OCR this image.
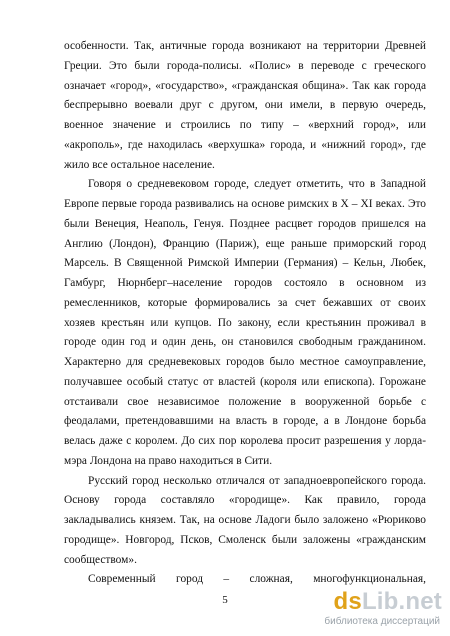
особенности. Так, античные города возникают на территории Древней Греции. Это были города-полисы. «Полис» в переводе с греческого означает «город», «государство», «гражданская община». Так как города беспрерывно воевали друг с другом, они имели, в первую очередь, военное значение и строились по типу – «верхний город», или «акрополь», где находилась «верхушка» города, и «нижний город», где жило все остальное население.

Говоря о средневековом городе, следует отметить, что в Западной Европе первые города развивались на основе римских в X – XI веках. Это были Венеция, Неаполь, Генуя. Позднее расцвет городов пришелся на Англию (Лондон), Францию (Париж), еще раньше приморский город Марсель. В Священной Римской Империи (Германия) – Кельн, Любек, Гамбург, Нюрнберг–население городов состояло в основном из ремесленников, которые формировались за счет бежавших от своих хозяев крестьян или купцов. По закону, если крестьянин проживал в городе один год и один день, он становился свободным гражданином. Характерно для средневековых городов было местное самоуправление, получавшее особый статус от властей (короля или епископа). Горожане отстаивали свое независимое положение в вооруженной борьбе с феодалами, претендовавшими на власть в городе, а в Лондоне борьба велась даже с королем. До сих пор королева просит разрешения у лорда-мэра Лондона на право находиться в Сити.

Русский город несколько отличался от западноевропейского города. Основу города составляло «городище». Как правило, города закладывались князем. Так, на основе Ладоги было заложено «Рюриково городище». Новгород, Псков, Смоленск были заложены «гражданским сообществом».

Современный город – сложная, многофункциональная,

5	dsLib.net
библиотека диссертаций
